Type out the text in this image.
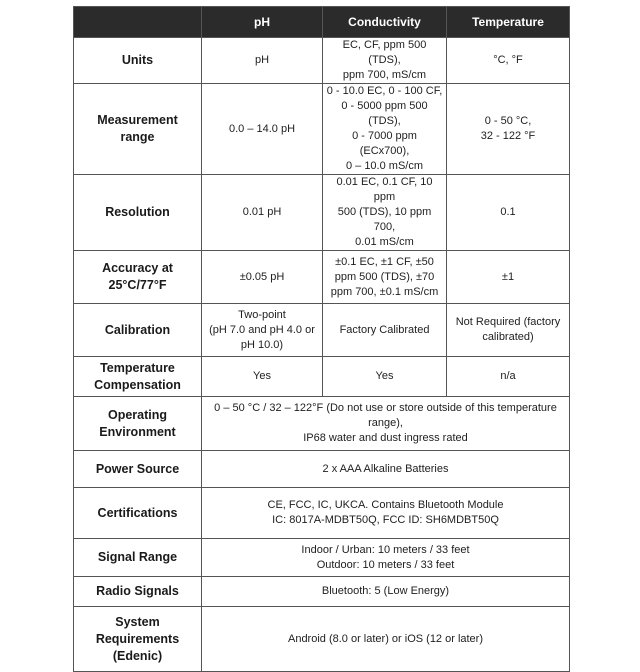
	pH	Conductivity	Temperature
Units	pH	EC, CF, ppm 500 (TDS),
ppm 700, mS/cm	°C, °F

Measurement
range	0.0 – 14.0 pH	0 - 10.0 EC, 0 - 100 CF,
0 - 5000 ppm 500
(TDS),
0 - 7000 ppm (ECx700),
0 – 10.0 mS/cm	0 - 50 °C,
32 - 122 °F

Resolution	0.01 pH	0.01 EC, 0.1 CF, 10 ppm
500 (TDS), 10 ppm 700,
0.01 mS/cm	0.1

Accuracy at
25°C/77°F	±0.05 pH	±0.1 EC, ±1 CF, ±50
ppm 500 (TDS), ±70
ppm 700, ±0.1 mS/cm	±1
Calibration	Two-point
(pH 7.0 and pH 4.0 or
pH 10.0)	Factory Calibrated	Not Required (factory
calibrated)

Temperature
Compensation	Yes	Yes	n/a

Operating
Environment	0 – 50 °C / 32 – 122°F (Do not use or store outside of this temperature
range),
IP68 water and dust ingress rated		

Power Source	2 x AAA Alkaline Batteries		
Certifications	CE, FCC, IC, UKCA. Contains Bluetooth Module
IC: 8017A-MDBT50Q, FCC ID: SH6MDBT50Q		

Signal Range	Indoor / Urban: 10 meters / 33 feet
Outdoor: 10 meters / 33 feet		

Radio Signals	Bluetooth: 5 (Low Energy)		

System
Requirements
(Edenic)	Android (8.0 or later) or iOS (12 or later)		
